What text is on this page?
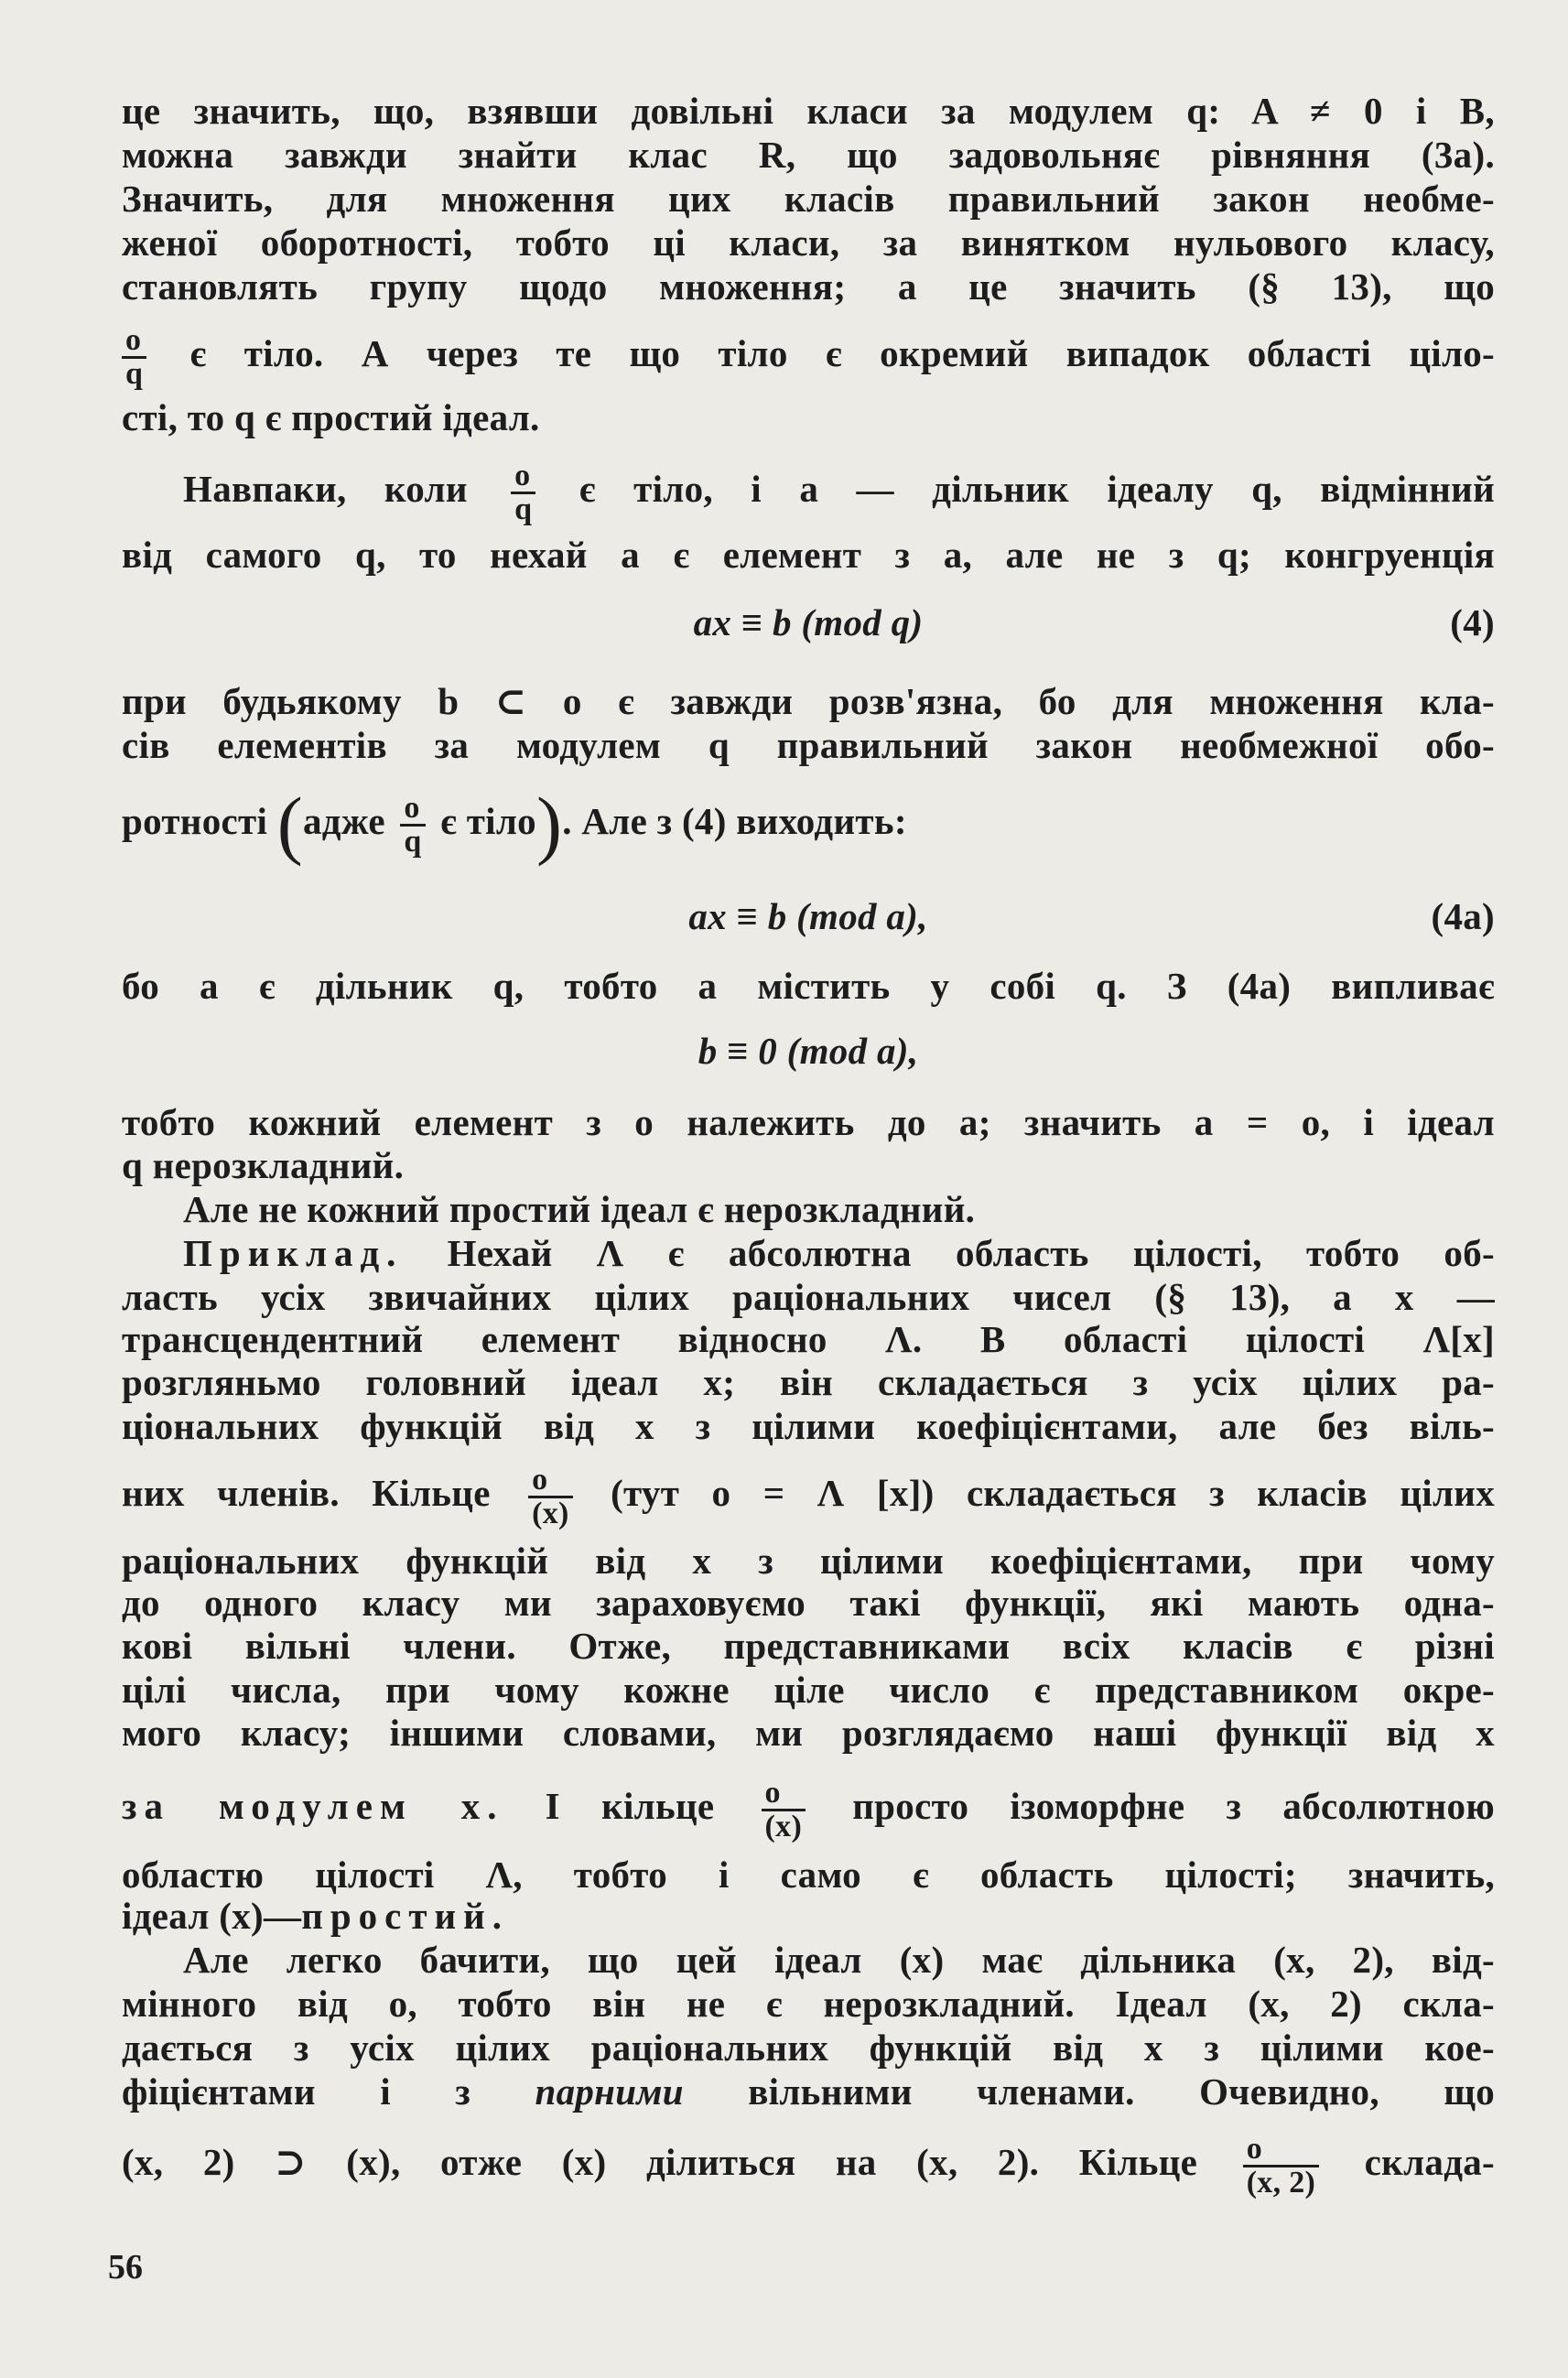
це значить, що, взявши довільні класи за модулем q: A ≠ 0 і B,
можна завжди знайти клас R, що задовольняє рівняння (3а).
Значить, для множення цих класів правильний закон необме-
женої оборотності, тобто ці класи, за винятком нульового класу,
становлять групу щодо множення; а це значить (§ 13), що
$\frac{o}{q}$ є тіло. А через те що тіло є окремий випадок області ціло-
сті, то q є простий ідеал.
Навпаки, коли $\frac{o}{q}$ є тіло, і a — дільник ідеалу q, відмінний
від самого q, то нехай a є елемент з a, але не з q; конгруенція
ax ≡ b (mod q)	(4)
при будьякому b ⊂ o є завжди розв'язна, бо для множення кла-
сів елементів за модулем q правильний закон необмежної обо-
ротності (адже $\frac{o}{q}$ є тіло). Але з (4) виходить:
ax ≡ b (mod a),	(4а)
бо a є дільник q, тобто a містить у собі q. З (4а) випливає
b ≡ 0 (mod a),
тобто кожний елемент з o належить до a; значить a = o, і ідеал
q нерозкладний.
Але не кожний простий ідеал є нерозкладний.
Приклад. Нехай Λ є абсолютна область цілості, тобто об-
ласть усіх звичайних цілих раціональних чисел (§ 13), а x —
трансцендентний елемент відносно Λ. В області цілості Λ[x]
розгляньмо головний ідеал x; він складається з усіх цілих ра-
ціональних функцій від x з цілими коефіцієнтами, але без віль-
них членів. Кільце $\frac{o}{(x)} (тут$ o = Λ [x]) складається з класів цілих
раціональних функцій від x з цілими коефіцієнтами, при чому
до одного класу ми зараховуємо такі функції, які мають одна-
кові вільні члени. Отже, представниками всіх класів є різні
цілі числа, при чому кожне ціле число є представником окре-
мого класу; іншими словами, ми розглядаємо наші функції від x
за модулем x. І кільце $\frac{o}{(x)}$ просто ізоморфне з абсолютною
областю цілості Λ, тобто і само є область цілості; значить,
ідеал (x)—простий.
Але легко бачити, що цей ідеал (x) має дільника (x, 2), від-
мінного від o, тобто він не є нерозкладний. Ідеал (x, 2) скла-
дається з усіх цілих раціональних функцій від x з цілими кое-
фіцієнтами і з парними вільними членами. Очевидно, що
(x, 2) ⊃ (x), отже (x) ділиться на (x, 2). Кільце $\frac{o}{(x, 2)}$ склада-
56
